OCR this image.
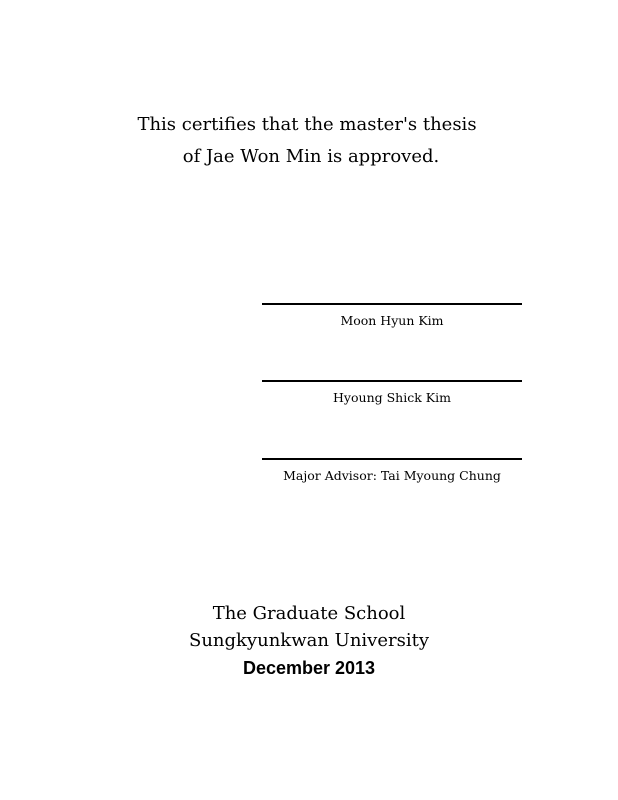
This certifies that the master's thesis
of Jae Won Min is approved.
Moon Hyun Kim
Hyoung Shick Kim
Major Advisor: Tai Myoung Chung
The Graduate School
Sungkyunkwan University
December 2013
